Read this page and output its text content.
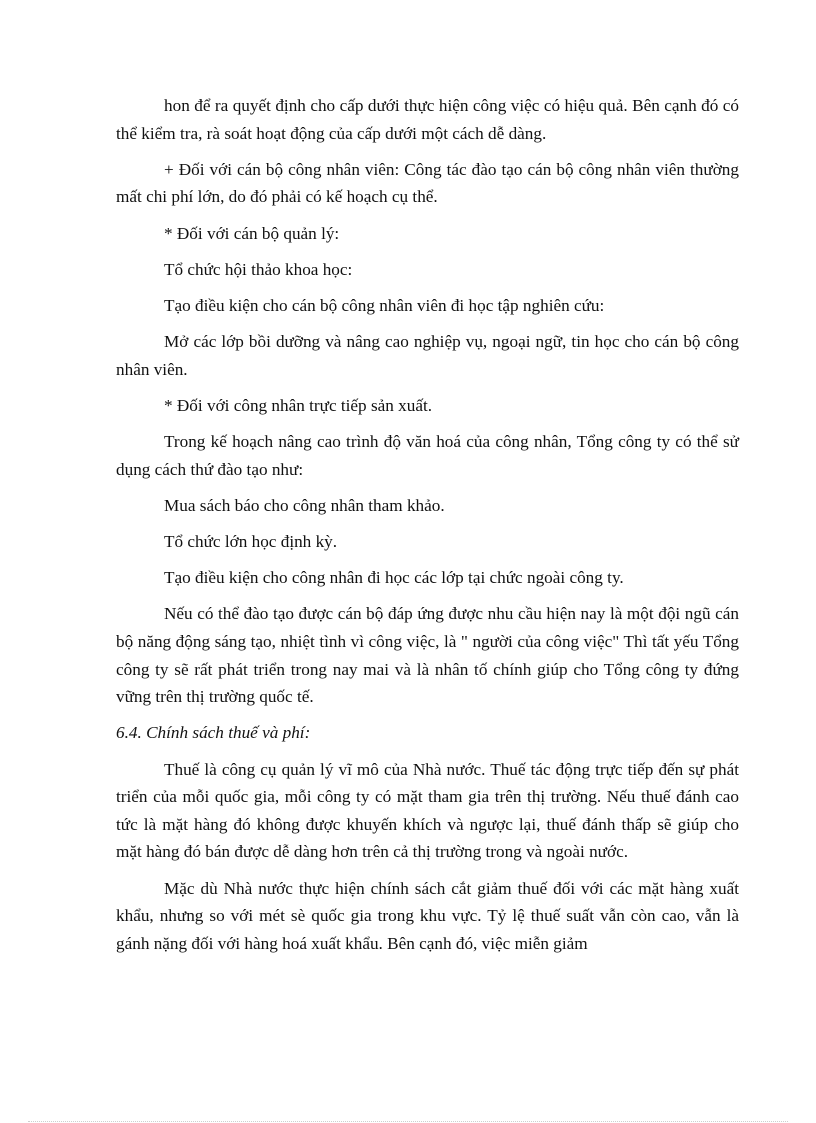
hon để ra quyết định cho cấp dưới thực hiện công việc có hiệu quả. Bên cạnh đó có thể kiểm tra, rà soát hoạt động của cấp dưới một cách dễ dàng.

+ Đối với cán bộ công nhân viên: Công tác đào tạo cán bộ công nhân viên thường mất chi phí lớn, do đó phải có kế hoạch cụ thể.

* Đối với cán bộ quản lý:

Tổ chức hội thảo khoa học:

Tạo điều kiện cho cán bộ công nhân viên đi học tập nghiên cứu:

Mở các lớp bồi dưỡng và nâng cao nghiệp vụ, ngoại ngữ, tin học cho cán bộ công nhân viên.

* Đối với công nhân trực tiếp sản xuất.

Trong kế hoạch nâng cao trình độ văn hoá của công nhân, Tổng công ty có thể sử dụng cách thứ đào tạo như:

Mua sách báo cho công nhân tham khảo.

Tổ chức lớn học định kỳ.

Tạo điều kiện cho công nhân đi học các lớp tại chức ngoài công ty.

Nếu có thể đào tạo được cán bộ đáp ứng được nhu cầu hiện nay là một đội ngũ cán bộ năng động sáng tạo, nhiệt tình vì công việc, là " người của công việc" Thì tất yếu Tổng công ty sẽ rất phát triển trong nay mai và là nhân tố chính giúp cho Tổng công ty đứng vững trên thị trường quốc tế.

6.4. Chính sách thuế và phí:

Thuế là công cụ quản lý vĩ mô của Nhà nước. Thuế tác động trực tiếp đến sự phát triển của mỗi quốc gia, mỗi công ty có mặt tham gia trên thị trường. Nếu thuế đánh cao tức là mặt hàng đó không được khuyến khích và ngược lại, thuế đánh thấp sẽ giúp cho mặt hàng đó bán được dễ dàng hơn trên cả thị trường trong và ngoài nước.

Mặc dù Nhà nước thực hiện chính sách cắt giảm thuế đối với các mặt hàng xuất khẩu, nhưng so với mét sè quốc gia trong khu vực. Tỷ lệ thuế suất vẫn còn cao, vẫn là gánh nặng đối với hàng hoá xuất khẩu. Bên cạnh đó, việc miễn giảm
